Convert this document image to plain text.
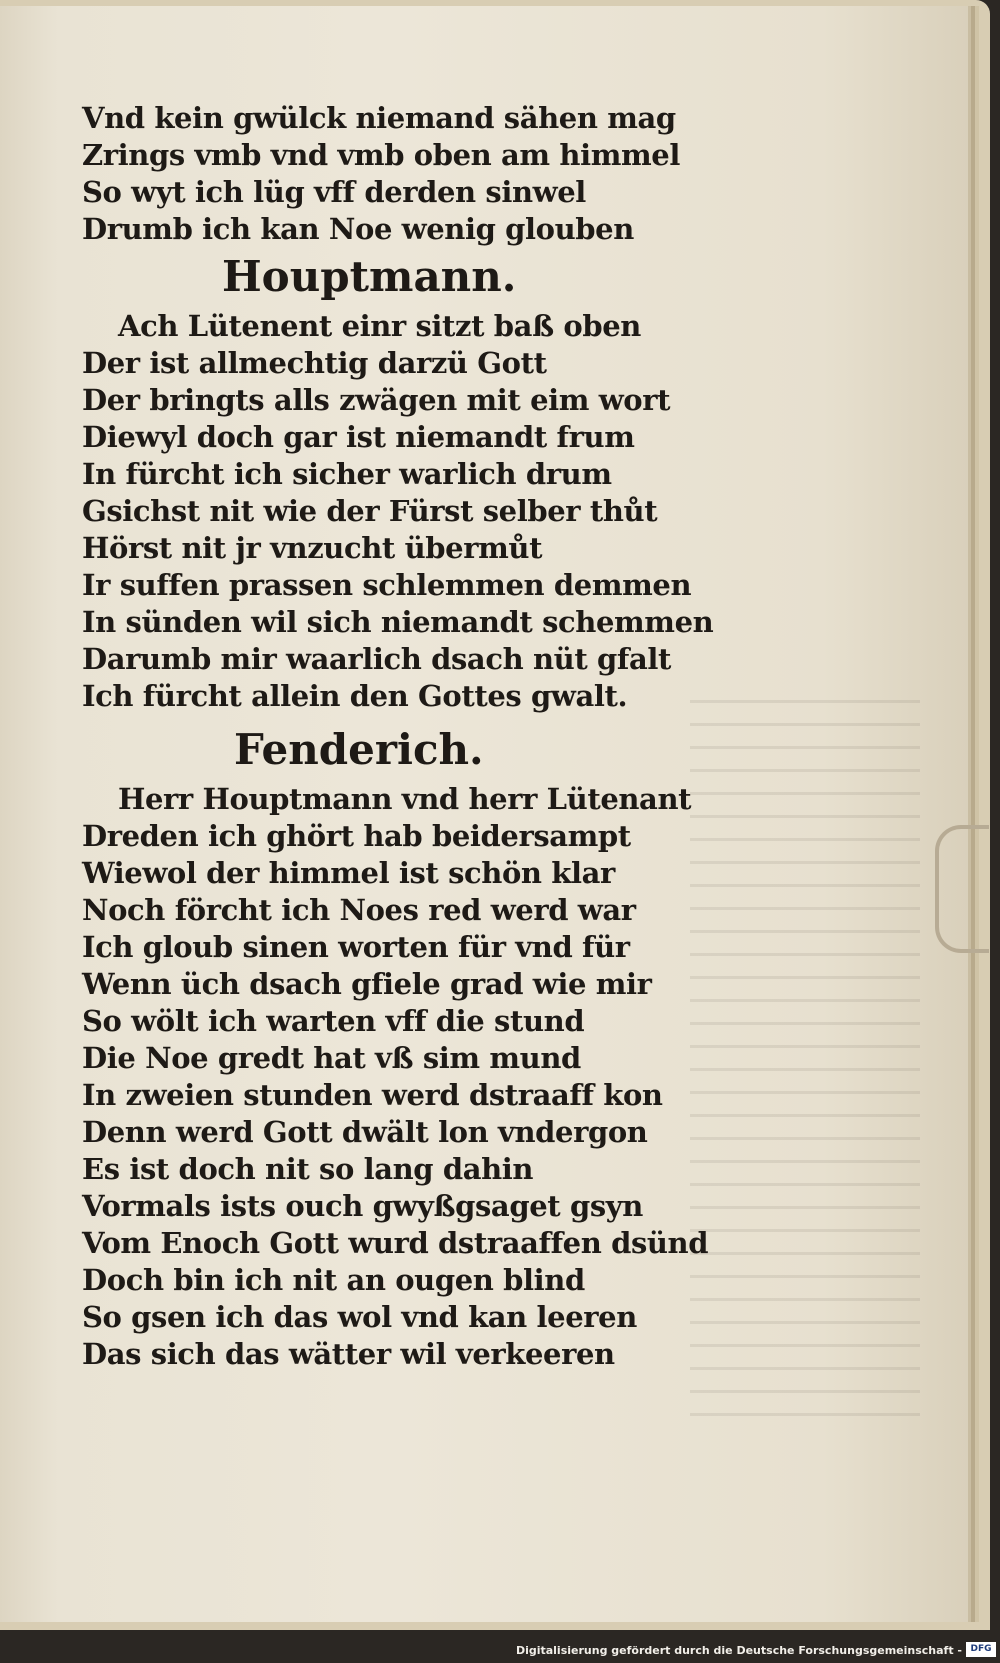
Vnd kein gwülck niemand sähen mag
Zrings vmb vnd vmb oben am himmel
So wyt ich lüg vff derden sinwel
Drumb ich kan Noe wenig glouben
Houptmann.
Ach Lütenent einr sitzt baß oben
Der ist allmechtig darzü Gott
Der bringts alls zwägen mit eim wort
Diewyl doch gar ist niemandt frum
In fürcht ich sicher warlich drum
Gsichst nit wie der Fürst selber thůt
Hörst nit jr vnzucht übermůt
Ir suffen prassen schlemmen demmen
In sünden wil sich niemandt schemmen
Darumb mir waarlich dsach nüt gfalt
Ich fürcht allein den Gottes gwalt.
Fenderich.
Herr Houptmann vnd herr Lütenant
Dreden ich ghört hab beidersampt
Wiewol der himmel ist schön klar
Noch förcht ich Noes red werd war
Ich gloub sinen worten für vnd für
Wenn üch dsach gfiele grad wie mir
So wölt ich warten vff die stund
Die Noe gredt hat vß sim mund
In zweien stunden werd dstraaff kon
Denn werd Gott dwält lon vndergon
Es ist doch nit so lang dahin
Vormals ists ouch gwyßgsaget gsyn
Vom Enoch Gott wurd dstraaffen dsünd
Doch bin ich nit an ougen blind
So gsen ich das wol vnd kan leeren
Das sich das wätter wil verkeeren
Digitalisierung gefördert durch die Deutsche Forschungsgemeinschaft - DFG
